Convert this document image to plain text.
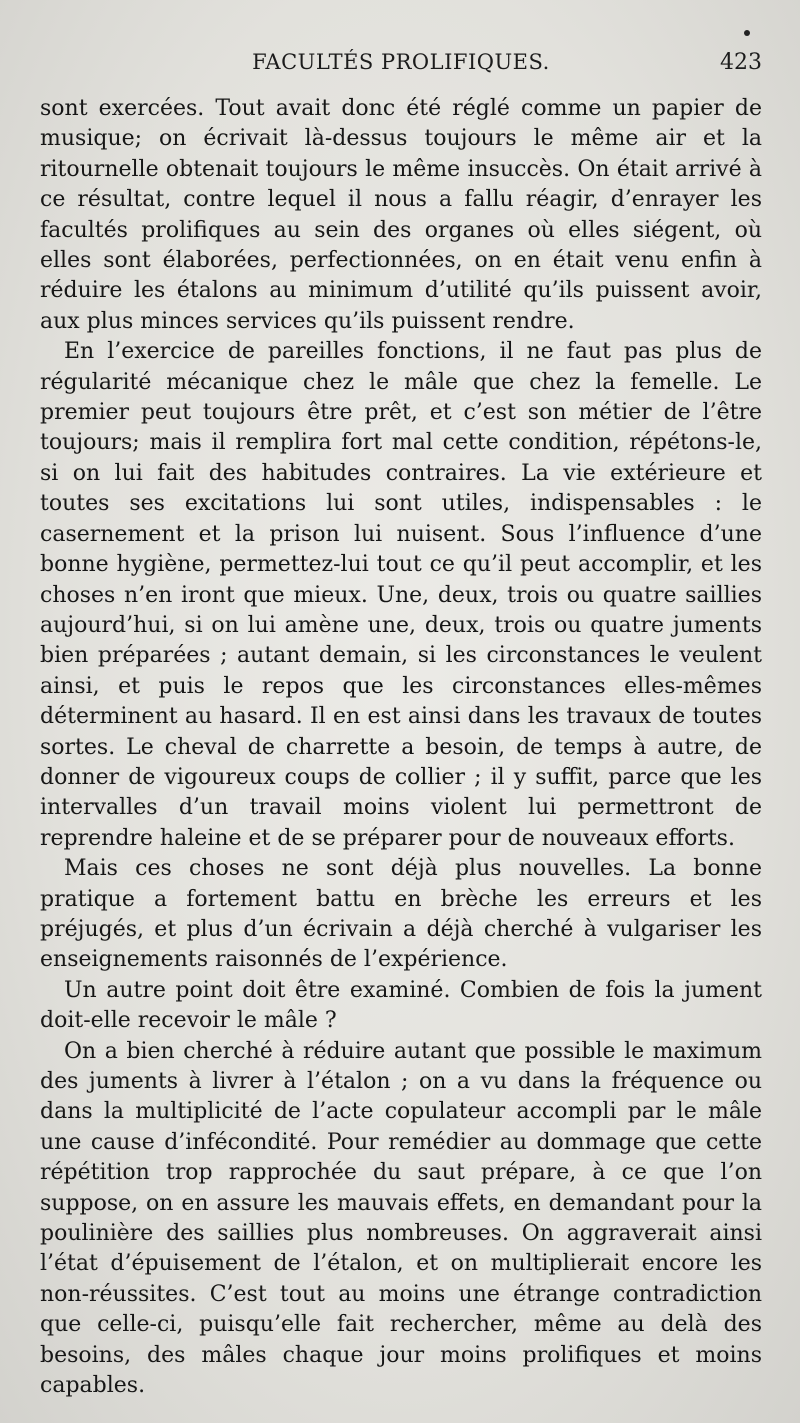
FACULTÉS PROLIFIQUES.	423

sont exercées. Tout avait donc été réglé comme un papier de musique; on écrivait là-dessus toujours le même air et la ritournelle obtenait toujours le même insuccès. On était arrivé à ce résultat, contre lequel il nous a fallu réagir, d’enrayer les facultés prolifiques au sein des organes où elles siégent, où elles sont élaborées, perfectionnées, on en était venu enfin à réduire les étalons au minimum d’utilité qu’ils puissent avoir, aux plus minces services qu’ils puissent rendre.

En l’exercice de pareilles fonctions, il ne faut pas plus de régularité mécanique chez le mâle que chez la femelle. Le premier peut toujours être prêt, et c’est son métier de l’être toujours; mais il remplira fort mal cette condition, répétons-le, si on lui fait des habitudes contraires. La vie extérieure et toutes ses excitations lui sont utiles, indispensables : le casernement et la prison lui nuisent. Sous l’influence d’une bonne hygiène, permettez-lui tout ce qu’il peut accomplir, et les choses n’en iront que mieux. Une, deux, trois ou quatre saillies aujourd’hui, si on lui amène une, deux, trois ou quatre juments bien préparées ; autant demain, si les circonstances le veulent ainsi, et puis le repos que les circonstances elles-mêmes déterminent au hasard. Il en est ainsi dans les travaux de toutes sortes. Le cheval de charrette a besoin, de temps à autre, de donner de vigoureux coups de collier ; il y suffit, parce que les intervalles d’un travail moins violent lui permettront de reprendre haleine et de se préparer pour de nouveaux efforts.

Mais ces choses ne sont déjà plus nouvelles. La bonne pratique a fortement battu en brèche les erreurs et les préjugés, et plus d’un écrivain a déjà cherché à vulgariser les enseignements raisonnés de l’expérience.

Un autre point doit être examiné. Combien de fois la jument doit-elle recevoir le mâle ?

On a bien cherché à réduire autant que possible le maximum des juments à livrer à l’étalon ; on a vu dans la fréquence ou dans la multiplicité de l’acte copulateur accompli par le mâle une cause d’infécondité. Pour remédier au dommage que cette répétition trop rapprochée du saut prépare, à ce que l’on suppose, on en assure les mauvais effets, en demandant pour la poulinière des saillies plus nombreuses. On aggraverait ainsi l’état d’épuisement de l’étalon, et on multiplierait encore les non-réussites. C’est tout au moins une étrange contradiction que celle-ci, puisqu’elle fait rechercher, même au delà des besoins, des mâles chaque jour moins prolifiques et moins capables.
